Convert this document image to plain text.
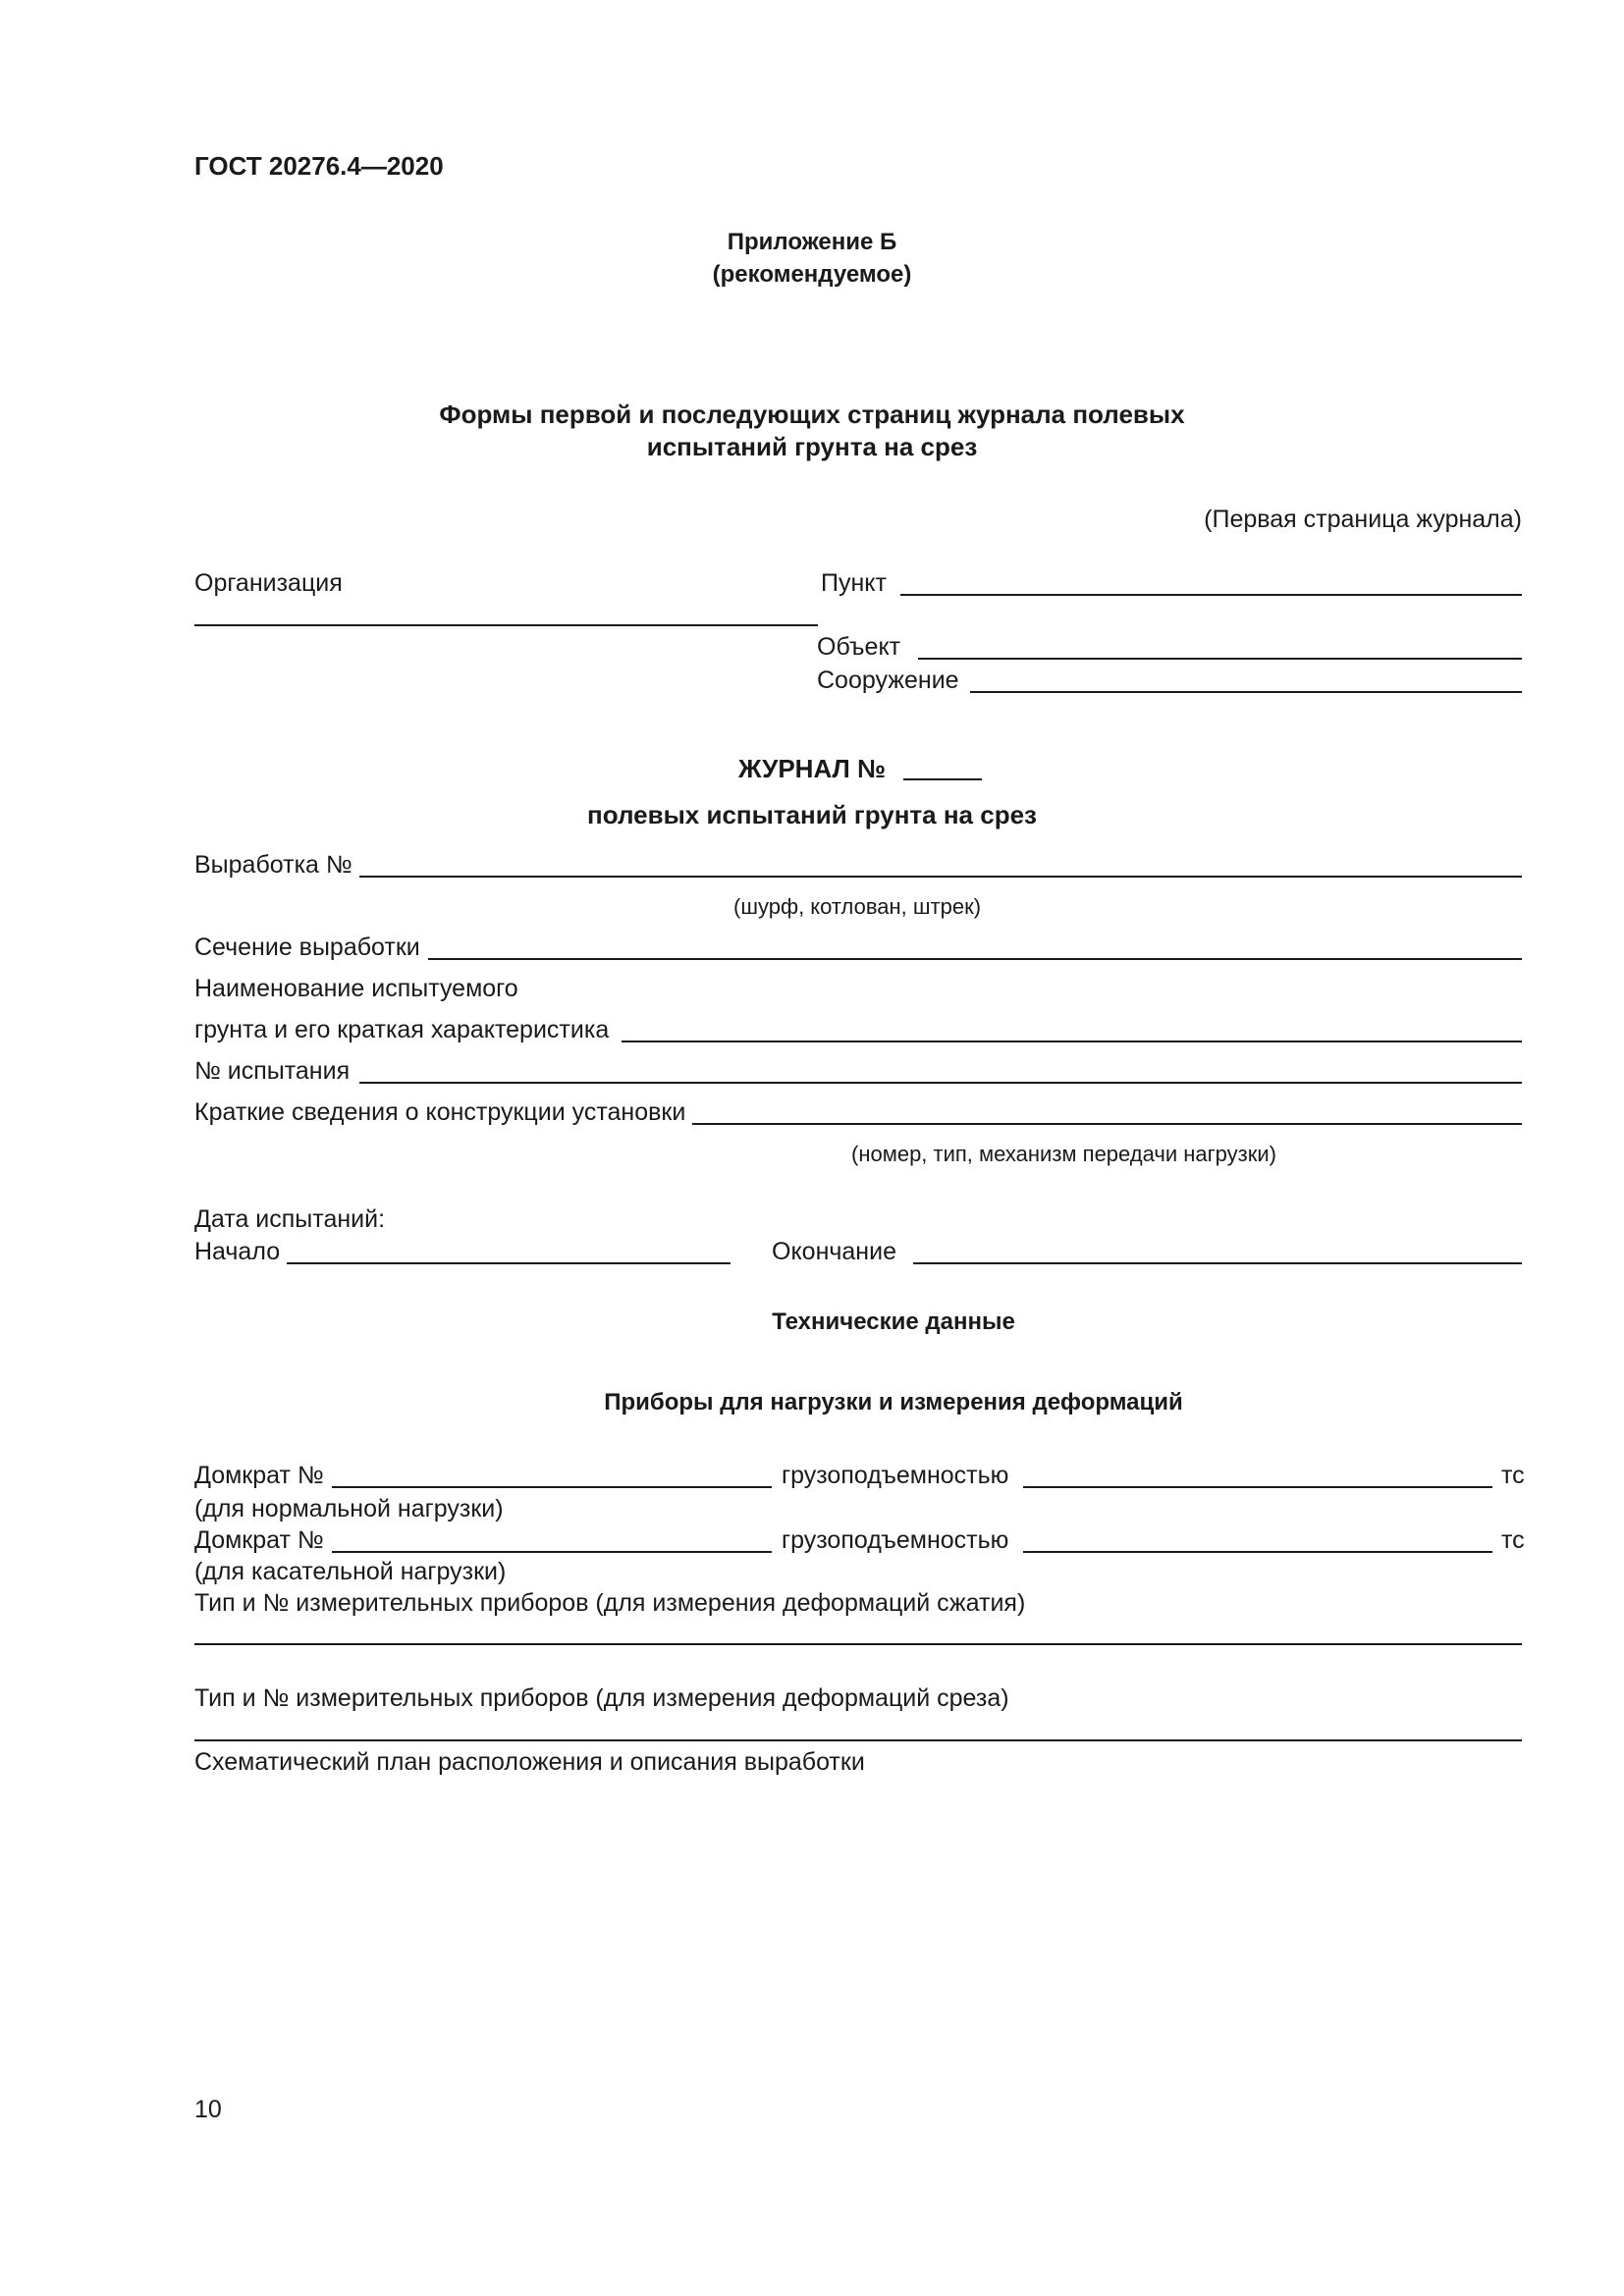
ГОСТ 20276.4—2020
Приложение Б
(рекомендуемое)
Формы первой и последующих страниц журнала полевых
испытаний грунта на срез
(Первая страница журнала)
Организация	Пункт
Объект
Сооружение
ЖУРНАЛ №
полевых испытаний грунта на срез
Выработка №
(шурф, котлован, штрек)
Сечение выработки
Наименование испытуемого
грунта и его краткая характеристика
№ испытания
Краткие сведения о конструкции установки
(номер, тип, механизм передачи нагрузки)
Дата испытаний:
Начало	Окончание
Технические данные
Приборы для нагрузки и измерения деформаций
Домкрат №	грузоподъемностью	тс
(для нормальной нагрузки)
Домкрат №	грузоподъемностью	тс
(для касательной нагрузки)
Тип и № измерительных приборов (для измерения деформаций сжатия)
Тип и № измерительных приборов (для измерения деформаций среза)
Схематический план расположения и описания выработки
10
